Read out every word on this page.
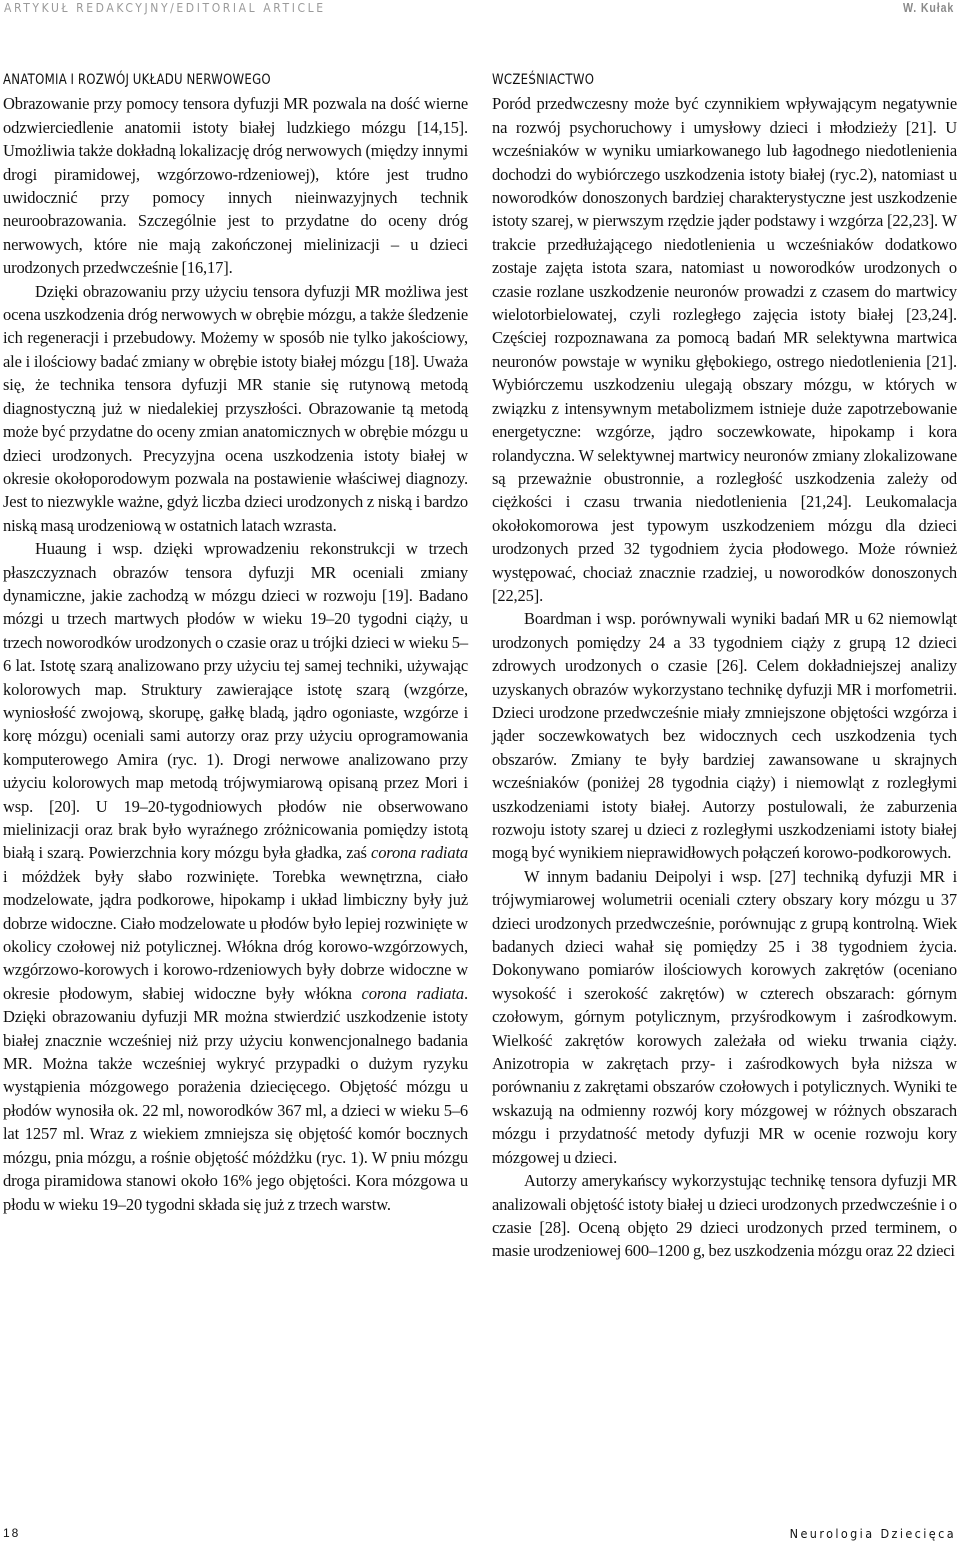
ARTYKUŁ REDAKCYJNY/EDITORIAL ARTICLE	W. Kułak
ANATOMIA I ROZWÓJ UKŁADU NERWOWEGO

Obrazowanie przy pomocy tensora dyfuzji MR pozwala na dość wierne odzwierciedlenie anatomii istoty białej ludzkiego mózgu [14,15]. Umożliwia także dokładną lokalizację dróg nerwowych (między innymi drogi piramidowej, wzgórzowo-rdzeniowej), które jest trudno uwidocznić przy pomocy innych nieinwazyjnych technik neuroobrazowania. Szczególnie jest to przydatne do oceny dróg nerwowych, które nie mają zakończonej mielinizacji – u dzieci urodzonych przedwcześnie [16,17].

Dzięki obrazowaniu przy użyciu tensora dyfuzji MR możliwa jest ocena uszkodzenia dróg nerwowych w obrębie mózgu, a także śledzenie ich regeneracji i przebudowy. Możemy w sposób nie tylko jakościowy, ale i ilościowy badać zmiany w obrębie istoty białej mózgu [18]. Uważa się, że technika tensora dyfuzji MR stanie się rutynową metodą diagnostyczną już w niedalekiej przyszłości. Obrazowanie tą metodą może być przydatne do oceny zmian anatomicznych w obrębie mózgu u dzieci urodzonych. Precyzyjna ocena uszkodzenia istoty białej w okresie okołoporodowym pozwala na postawienie właściwej diagnozy. Jest to niezwykle ważne, gdyż liczba dzieci urodzonych z niską i bardzo niską masą urodzeniową w ostatnich latach wzrasta.

Huaung i wsp. dzięki wprowadzeniu rekonstrukcji w trzech płaszczyznach obrazów tensora dyfuzji MR oceniali zmiany dynamiczne, jakie zachodzą w mózgu dzieci w rozwoju [19]. Badano mózgi u trzech martwych płodów w wieku 19–20 tygodni ciąży, u trzech noworodków urodzonych o czasie oraz u trójki dzieci w wieku 5–6 lat. Istotę szarą analizowano przy użyciu tej samej techniki, używając kolorowych map. Struktury zawierające istotę szarą (wzgórze, wyniosłość zwojową, skorupę, gałkę bladą, jądro ogoniaste, wzgórze i korę mózgu) oceniali sami autorzy oraz przy użyciu oprogramowania komputerowego Amira (ryc. 1). Drogi nerwowe analizowano przy użyciu kolorowych map metodą trójwymiarową opisaną przez Mori i wsp. [20]. U 19–20-tygodniowych płodów nie obserwowano mielinizacji oraz brak było wyraźnego zróżnicowania pomiędzy istotą białą i szarą. Powierzchnia kory mózgu była gładka, zaś corona radiata i móżdżek były słabo rozwinięte. Torebka wewnętrzna, ciało modzelowate, jądra podkorowe, hipokamp i układ limbiczny były już dobrze widoczne. Ciało modzelowate u płodów było lepiej rozwinięte w okolicy czołowej niż potylicznej. Włókna dróg korowo-wzgórzowych, wzgórzowo-korowych i korowo-rdzeniowych były dobrze widoczne w okresie płodowym, słabiej widoczne były włókna corona radiata. Dzięki obrazowaniu dyfuzji MR można stwierdzić uszkodzenie istoty białej znacznie wcześniej niż przy użyciu konwencjonalnego badania MR. Można także wcześniej wykryć przypadki o dużym ryzyku wystąpienia mózgowego porażenia dziecięcego. Objętość mózgu u płodów wynosiła ok. 22 ml, noworodków 367 ml, a dzieci w wieku 5–6 lat 1257 ml. Wraz z wiekiem zmniejsza się objętość komór bocznych mózgu, pnia mózgu, a rośnie objętość móżdżku (ryc. 1). W pniu mózgu droga piramidowa stanowi około 16% jego objętości. Kora mózgowa u płodu w wieku 19–20 tygodni składa się już z trzech warstw.

WCZEŚNIACTWO

Poród przedwczesny może być czynnikiem wpływającym negatywnie na rozwój psychoruchowy i umysłowy dzieci i młodzieży [21]. U wcześniaków w wyniku umiarkowanego lub łagodnego niedotlenienia dochodzi do wybiórczego uszkodzenia istoty białej (ryc.2), natomiast u noworodków donoszonych bardziej charakterystyczne jest uszkodzenie istoty szarej, w pierwszym rzędzie jąder podstawy i wzgórza [22,23]. W trakcie przedłużającego niedotlenienia u wcześniaków dodatkowo zostaje zajęta istota szara, natomiast u noworodków urodzonych o czasie rozlane uszkodzenie neuronów prowadzi z czasem do martwicy wielotorbielowatej, czyli rozległego zajęcia istoty białej [23,24]. Częściej rozpoznawana za pomocą badań MR selektywna martwica neuronów powstaje w wyniku głębokiego, ostrego niedotlenienia [21]. Wybiórczemu uszkodzeniu ulegają obszary mózgu, w których w związku z intensywnym metabolizmem istnieje duże zapotrzebowanie energetyczne: wzgórze, jądro soczewkowate, hipokamp i kora rolandyczna. W selektywnej martwicy neuronów zmiany zlokalizowane są przeważnie obustronnie, a rozległość uszkodzenia zależy od ciężkości i czasu trwania niedotlenienia [21,24]. Leukomalacja okołokomorowa jest typowym uszkodzeniem mózgu dla dzieci urodzonych przed 32 tygodniem życia płodowego. Może również występować, chociaż znacznie rzadziej, u noworodków donoszonych [22,25].

Boardman i wsp. porównywali wyniki badań MR u 62 niemowląt urodzonych pomiędzy 24 a 33 tygodniem ciąży z grupą 12 dzieci zdrowych urodzonych o czasie [26]. Celem dokładniejszej analizy uzyskanych obrazów wykorzystano technikę dyfuzji MR i morfometrii. Dzieci urodzone przedwcześnie miały zmniejszone objętości wzgórza i jąder soczewkowatych bez widocznych cech uszkodzenia tych obszarów. Zmiany te były bardziej zawansowane u skrajnych wcześniaków (poniżej 28 tygodnia ciąży) i niemowląt z rozległymi uszkodzeniami istoty białej. Autorzy postulowali, że zaburzenia rozwoju istoty szarej u dzieci z rozległymi uszkodzeniami istoty białej mogą być wynikiem nieprawidłowych połączeń korowo-podkorowych.

W innym badaniu Deipolyi i wsp. [27] techniką dyfuzji MR i trójwymiarowej wolumetrii oceniali cztery obszary kory mózgu u 37 dzieci urodzonych przedwcześnie, porównując z grupą kontrolną. Wiek badanych dzieci wahał się pomiędzy 25 i 38 tygodniem życia. Dokonywano pomiarów ilościowych korowych zakrętów (oceniano wysokość i szerokość zakrętów) w czterech obszarach: górnym czołowym, górnym potylicznym, przyśrodkowym i zaśrodkowym. Wielkość zakrętów korowych zależała od wieku trwania ciąży. Anizotropia w zakrętach przy- i zaśrodkowych była niższa w porównaniu z zakrętami obszarów czołowych i potylicznych. Wyniki te wskazują na odmienny rozwój kory mózgowej w różnych obszarach mózgu i przydatność metody dyfuzji MR w ocenie rozwoju kory mózgowej u dzieci.

Autorzy amerykańscy wykorzystując technikę tensora dyfuzji MR analizowali objętość istoty białej u dzieci urodzonych przedwcześnie i o czasie [28]. Oceną objęto 29 dzieci urodzonych przed terminem, o masie urodzeniowej 600–1200 g, bez uszkodzenia mózgu oraz 22 dzieci

18	Neurologia Dziecięca
